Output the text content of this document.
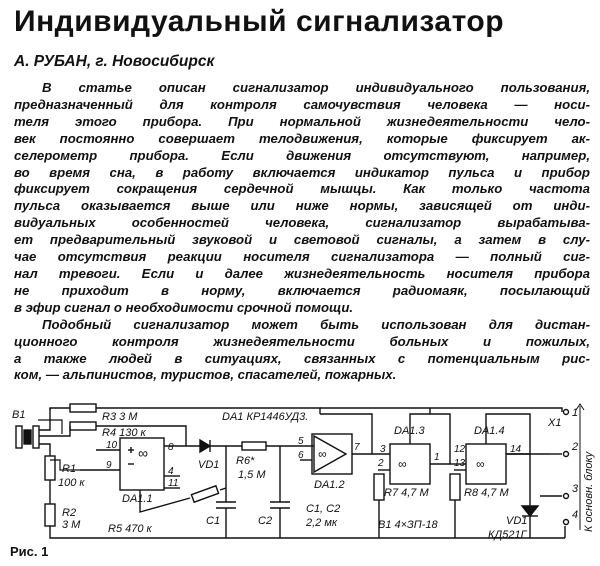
Индивидуальный сигнализатор
А. РУБАН, г. Новосибирск

В статье описан сигнализатор индивидуального пользования,
предназначенный для контроля самочувствия человека — носи-
теля этого прибора. При нормальной жизнедеятельности чело-
век постоянно совершает телодвижения, которые фиксирует ак-
селерометр прибора. Если движения отсутствуют, например,
во время сна, в работу включается индикатор пульса и прибор
фиксирует сокращения сердечной мышцы. Как только частота
пульса оказывается выше или ниже нормы, зависящей от инди-
видуальных особенностей человека, сигнализатор вырабатыва-
ет предварительный звуковой и световой сигналы, а затем в слу-
чае отсутствия реакции носителя сигнализатора — полный сиг-
нал тревоги. Если и далее жизнедеятельность носителя прибора
не приходит в норму, включается радиомаяк, посылающий
в эфир сигнал о необходимости срочной помощи.

Подобный сигнализатор может быть использован для дистан-
ционного контроля жизнедеятельности больных и пожилых,
а также людей в ситуациях, связанных с потенциальным рис-
ком, — альпинистов, туристов, спасателей, пожарных.

B1	R3 3 М
R4 130 к
R1
100 к
R2
3 М
∞
10
9
8
4
11
DA1.1
R5 470 к
VD1
C1
R6*
1,5 М
DA1 КР1446УД3.
C2
C1, C2
2,2 мк
∞
5
6
7
DA1.2
∞
3
2
1
DA1.3
R7 4,7 М
В1 4×ЗП-18
∞
12
13
14
DA1.4
R8 4,7 М
VD1
КД521Г
X1
1
2
3
4 К основн. блоку
Рис. 1
